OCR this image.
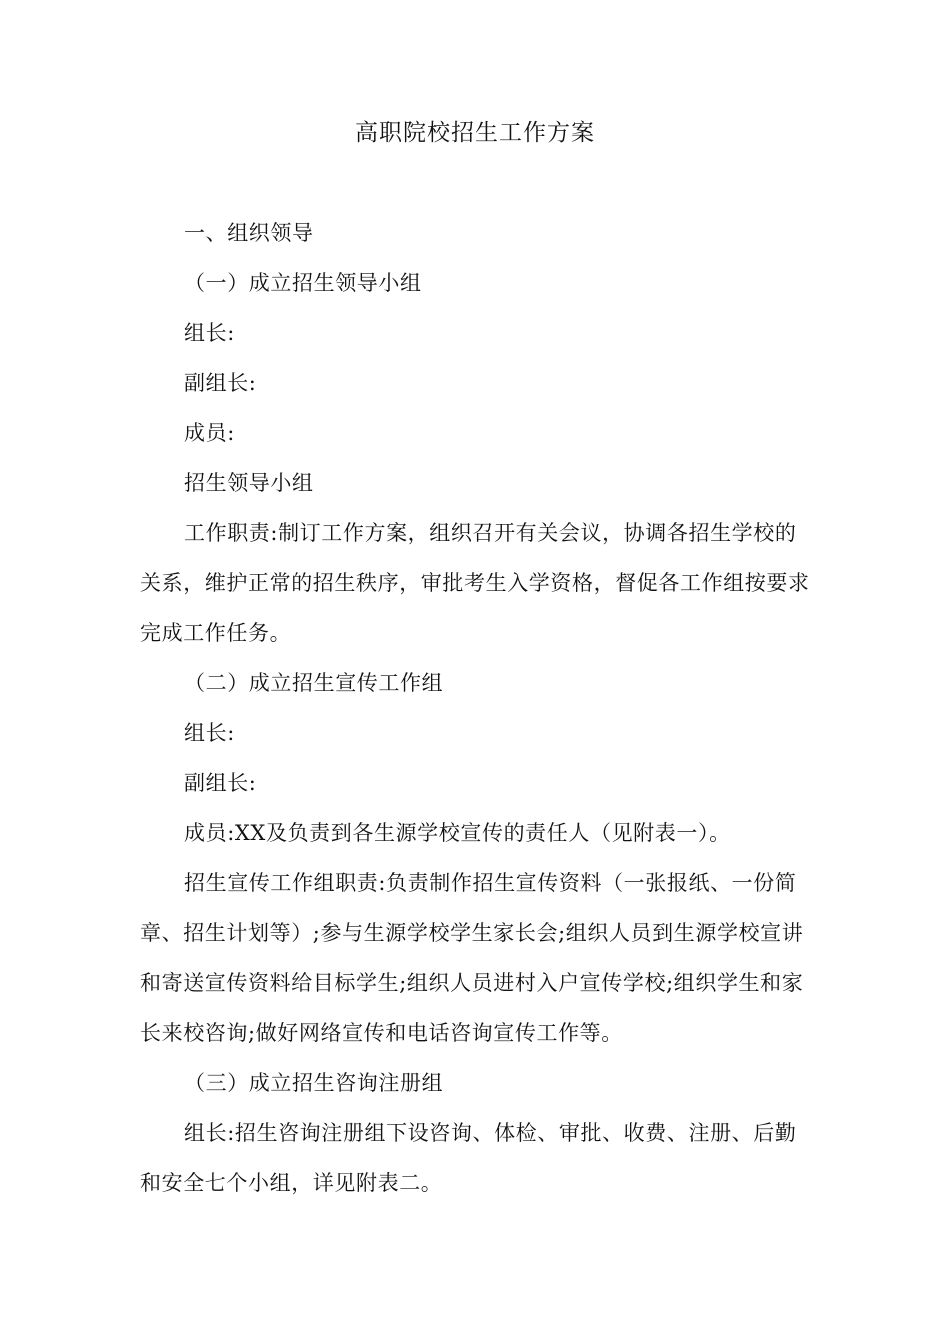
高职院校招生工作方案

一、组织领导

（一）成立招生领导小组

组长:

副组长:

成员:

招生领导小组

工作职责:制订工作方案，组织召开有关会议，协调各招生学校的关系，维护正常的招生秩序，审批考生入学资格，督促各工作组按要求完成工作任务。

（二）成立招生宣传工作组

组长:

副组长:

成员:XX及负责到各生源学校宣传的责任人（见附表一）。

招生宣传工作组职责:负责制作招生宣传资料（一张报纸、一份简章、招生计划等）;参与生源学校学生家长会;组织人员到生源学校宣讲和寄送宣传资料给目标学生;组织人员进村入户宣传学校;组织学生和家长来校咨询;做好网络宣传和电话咨询宣传工作等。

（三）成立招生咨询注册组

组长:招生咨询注册组下设咨询、体检、审批、收费、注册、后勤和安全七个小组，详见附表二。
